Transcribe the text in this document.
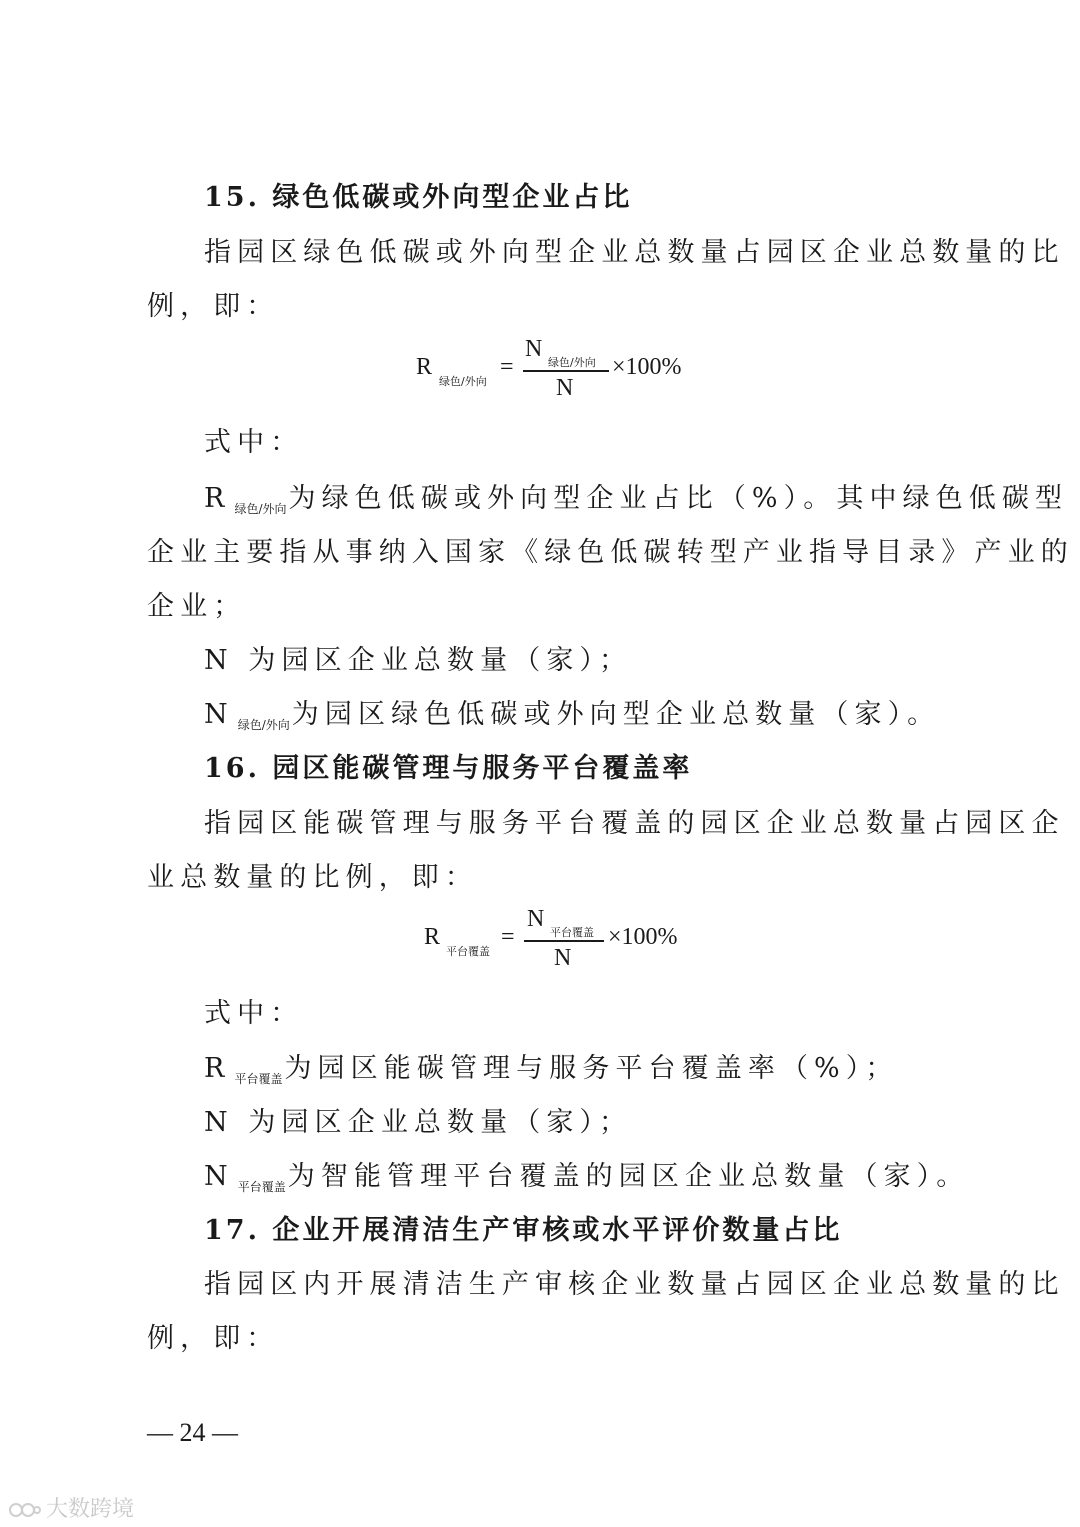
15. 绿色低碳或外向型企业占比
指园区绿色低碳或外向型企业总数量占园区企业总数量的比
例，即：
R
绿色/外向
=
N
绿色/外向
N
×100%
式中：
R $_{绿色/外向}$为绿色低碳或外向型企业占比（%）。其中绿色低碳型
企业主要指从事纳入国家《绿色低碳转型产业指导目录》产业的
企业；
N 为园区企业总数量（家）；
N $_{绿色/外向}$为园区绿色低碳或外向型企业总数量（家）。
16. 园区能碳管理与服务平台覆盖率
指园区能碳管理与服务平台覆盖的园区企业总数量占园区企
业总数量的比例，即：
R
平台覆盖
=
N
平台覆盖
N
×100%
式中：
R $_{平台覆盖}$为园区能碳管理与服务平台覆盖率（%）；
N 为园区企业总数量（家）；
N $_{平台覆盖}$为智能管理平台覆盖的园区企业总数量（家）。
17. 企业开展清洁生产审核或水平评价数量占比
指园区内开展清洁生产审核企业数量占园区企业总数量的比
例，即：
— 24 —
大数跨境
